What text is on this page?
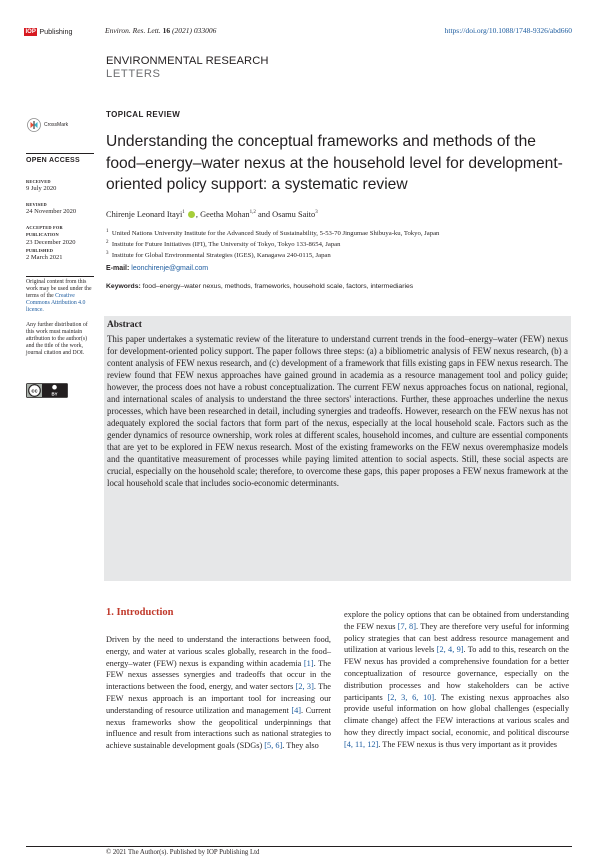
IOP Publishing	Environ. Res. Lett. 16 (2021) 033006	https://doi.org/10.1088/1748-9326/abd660
ENVIRONMENTAL RESEARCH
LETTERS
TOPICAL REVIEW
CrossMark
Understanding the conceptual frameworks and methods of the food–energy–water nexus at the household level for development-oriented policy support: a systematic review
OPEN ACCESS
RECEIVED
9 July 2020
REVISED
24 November 2020
ACCEPTED FOR PUBLICATION
23 December 2020
PUBLISHED
2 March 2021
Original content from this work may be used under the terms of the Creative Commons Attribution 4.0 licence.
Any further distribution of this work must maintain attribution to the author(s) and the title of the work, journal citation and DOI.
cc	BY
Chirenje Leonard Itayi$^1$ , Geetha Mohan$^{1,2}$ and Osamu Saito$^3$
$^1$ United Nations University Institute for the Advanced Study of Sustainability, 5-53-70 Jingumae Shibuya-ku, Tokyo, Japan
$^2$ Institute for Future Initiatives (IFI), The University of Tokyo, Tokyo 133-8654, Japan
$^3$ Institute for Global Environmental Strategies (IGES), Kanagawa 240-0115, Japan
E-mail: leonchirenje@gmail.com
Keywords: food–energy–water nexus, methods, frameworks, household scale, factors, intermediaries
Abstract
This paper undertakes a systematic review of the literature to understand current trends in the food–energy–water (FEW) nexus for development-oriented policy support. The paper follows three steps: (a) a bibliometric analysis of FEW nexus research, (b) a content analysis of FEW nexus research, and (c) development of a framework that fills existing gaps in FEW nexus research. The review found that FEW nexus approaches have gained ground in academia as a resource management tool and policy guide; however, the process does not have a robust conceptualization. The current FEW nexus approaches focus on national, regional, and international scales of analysis to understand the three sectors' interactions. Further, these approaches underline the nexus processes, which have been researched in detail, including synergies and tradeoffs. However, research on the FEW nexus has not adequately explored the social factors that form part of the nexus, especially at the local household scale. Factors such as the gender dynamics of resource ownership, work roles at different scales, household incomes, and culture are essential components that are yet to be explored in FEW nexus research. Most of the existing frameworks on the FEW nexus overemphasize models and the quantitative measurement of processes while paying limited attention to social aspects. Still, these social aspects are crucial, especially on the household scale; therefore, to overcome these gaps, this paper proposes a FEW nexus framework at the local household scale that includes socio-economic determinants.
1. Introduction
Driven by the need to understand the interactions between food, energy, and water at various scales globally, research in the food–energy–water (FEW) nexus is expanding within academia [1]. The FEW nexus assesses synergies and tradeoffs that occur in the interactions between the food, energy, and water sectors [2, 3]. The FEW nexus approach is an important tool for increasing our understanding of resource utilization and management [4]. Current nexus frameworks show the geopolitical underpinnings that influence and result from interactions such as national strategies to achieve sustainable development goals (SDGs) [5, 6]. They also
explore the policy options that can be obtained from understanding the FEW nexus [7, 8]. They are therefore very useful for informing policy strategies that can best address resource management and utilization at various levels [2, 4, 9]. To add to this, research on the FEW nexus has provided a comprehensive foundation for a better conceptualization of resource governance, especially on the distribution processes and how stakeholders can be active participants [2, 3, 6, 10]. The existing nexus approaches also provide useful information on how global challenges (especially climate change) affect the FEW interactions at various scales and how they directly impact social, economic, and political discourse [4, 11, 12]. The FEW nexus is thus very important as it provides
© 2021 The Author(s). Published by IOP Publishing Ltd
